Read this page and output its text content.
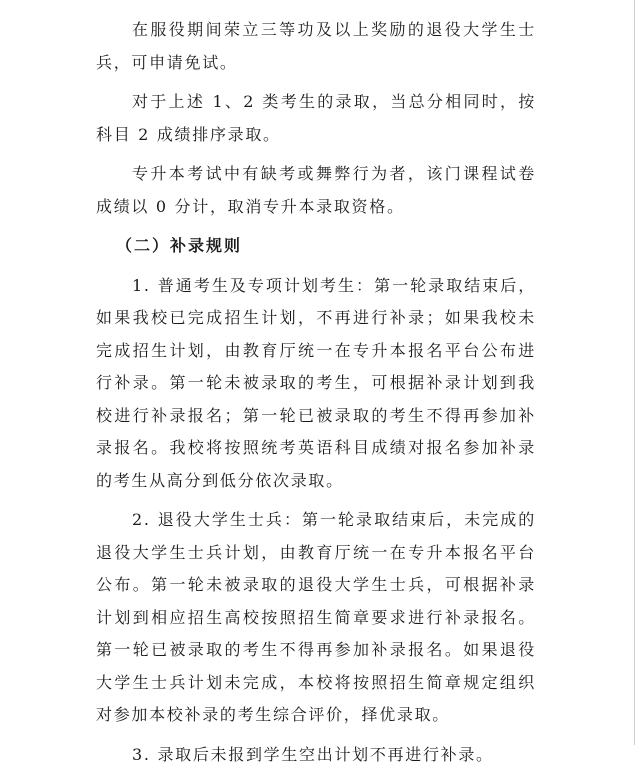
在服役期间荣立三等功及以上奖励的退役大学生士兵，可申请免试。

对于上述 1、2 类考生的录取，当总分相同时，按科目 2 成绩排序录取。

专升本考试中有缺考或舞弊行为者，该门课程试卷成绩以 0 分计，取消专升本录取资格。

（二）补录规则

1. 普通考生及专项计划考生：第一轮录取结束后，如果我校已完成招生计划，不再进行补录；如果我校未完成招生计划，由教育厅统一在专升本报名平台公布进行补录。第一轮未被录取的考生，可根据补录计划到我校进行补录报名；第一轮已被录取的考生不得再参加补录报名。我校将按照统考英语科目成绩对报名参加补录的考生从高分到低分依次录取。

2. 退役大学生士兵：第一轮录取结束后，未完成的退役大学生士兵计划，由教育厅统一在专升本报名平台公布。第一轮未被录取的退役大学生士兵，可根据补录计划到相应招生高校按照招生简章要求进行补录报名。第一轮已被录取的考生不得再参加补录报名。如果退役大学生士兵计划未完成，本校将按照招生简章规定组织对参加本校补录的考生综合评价，择优录取。

3. 录取后未报到学生空出计划不再进行补录。
